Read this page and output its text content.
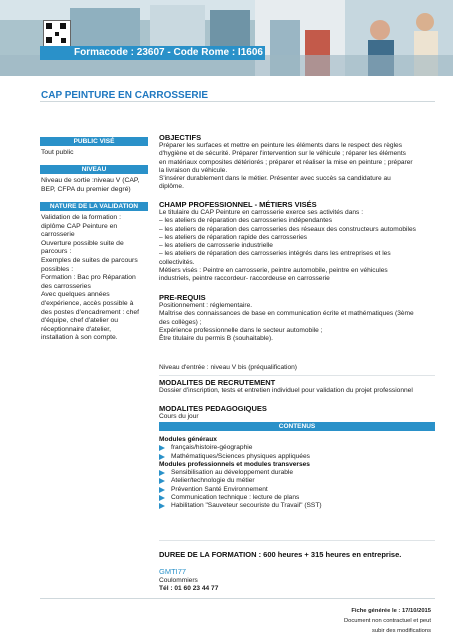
Formacode : 23607 - Code Rome : I1606
CAP PEINTURE EN CARROSSERIE
PUBLIC VISÉ
Tout public
NIVEAU
Niveau de sortie :niveau V (CAP, BEP, CFPA du premier degré)
NATURE DE LA VALIDATION
Validation de la formation :
diplôme CAP Peinture en
carrosserie
Ouverture possible suite de
parcours :
Exemples de suites de parcours
possibles :
Formation : Bac pro Réparation
des carrosseries
Avec quelques années
d'expérience, accès possible à
des postes d'encadrement : chef
d'équipe, chef d'atelier ou
réceptionnaire d'atelier,
installation à son compte.
OBJECTIFS
Préparer les surfaces et mettre en peinture les éléments dans le respect des règles
d'hygiène et de sécurité. Préparer l'intervention sur le véhicule ; réparer les éléments
en matériaux composites détériorés ; préparer et réaliser la mise en peinture ; préparer
la livraison du véhicule.
S'insérer durablement dans le métier. Présenter avec succès sa candidature au
diplôme.
CHAMP PROFESSIONNEL - MÉTIERS VISÉS
Le titulaire du CAP Peinture en carrosserie exerce ses activités dans :
– les ateliers de réparation des carrosseries indépendantes
– les ateliers de réparation des carrosseries des réseaux des constructeurs automobiles
– les ateliers de réparation rapide des carrosseries
– les ateliers de carrosserie industrielle
– les ateliers de réparation des carrosseries intégrés dans les entreprises et les
collectivités.
Métiers visés : Peintre en carrosserie, peintre automobile, peintre en véhicules
industriels, peintre raccordeur- raccordeuse en carrosserie
PRE-REQUIS
Positionnement : réglementaire.
Maîtrise des connaissances de base en communication écrite et mathématiques (3ème
des collèges) ;
Expérience professionnelle dans le secteur automobile ;
Être titulaire du permis B (souhaitable).
Niveau d'entrée : niveau V bis (préqualification)
MODALITES DE RECRUTEMENT
Dossier d'inscription, tests et entretien individuel pour validation du projet professionnel
MODALITES PEDAGOGIQUES
Cours du jour
CONTENUS
Modules généraux
français/histoire-géographie
Mathématiques/Sciences physiques appliquées
Modules professionnels et modules transverses
Sensibilisation au développement durable
Atelier/technologie du métier
Prévention Santé Environnement
Communication technique : lecture de plans
Habilitation "Sauveteur secouriste du Travail" (SST)
DUREE DE LA FORMATION : 600 heures + 315 heures en entreprise.
GMTI77
Coulommiers
Tél : 01 60 23 44 77
Fiche générée le : 17/10/2015
Document non contractuel et peut
subir des modifications
